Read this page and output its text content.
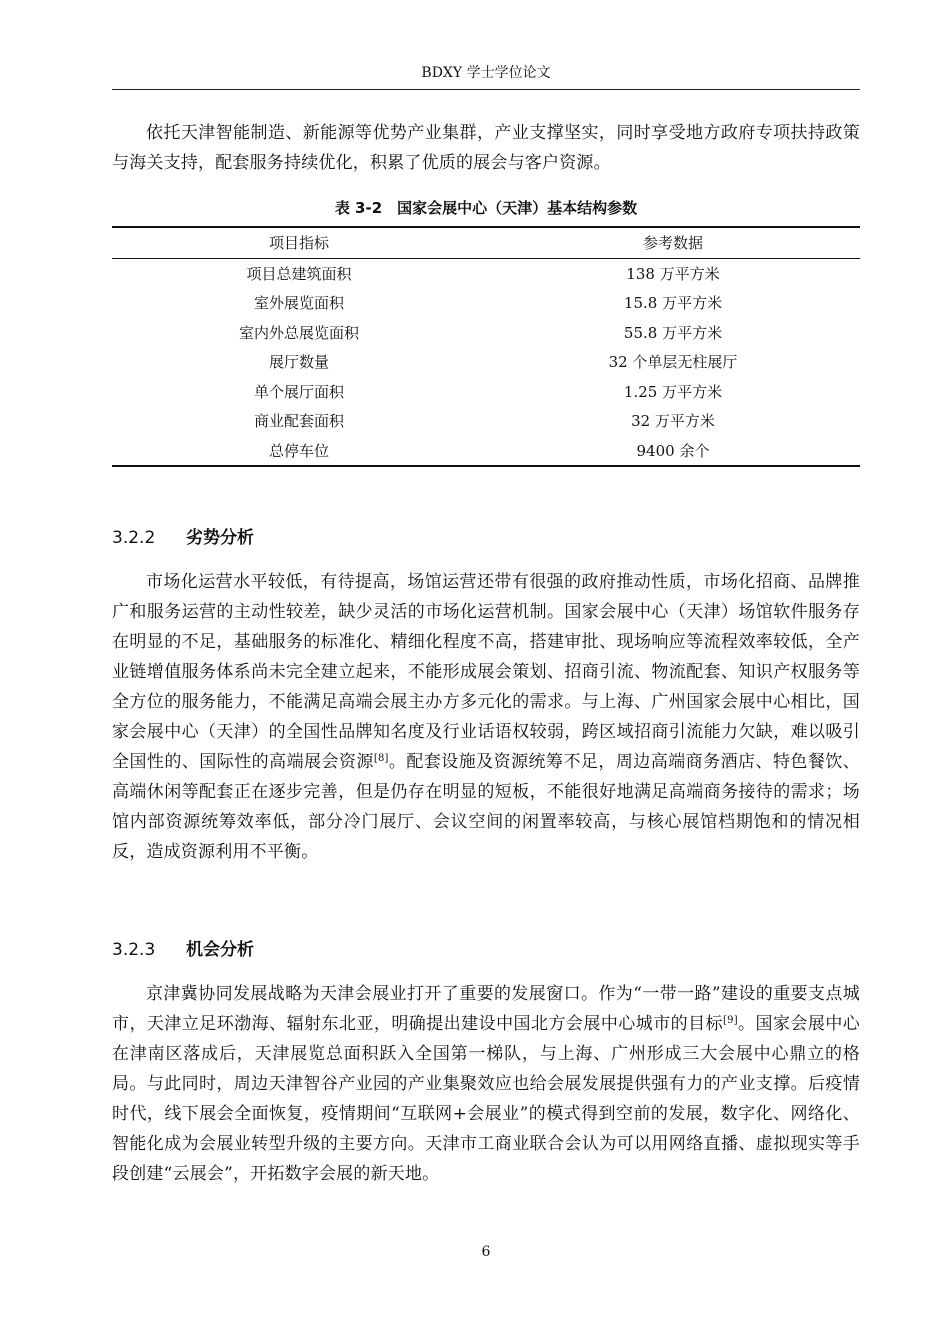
BDXY 学士学位论文

依托天津智能制造、新能源等优势产业集群，产业支撑坚实，同时享受地方政府专项扶持政策与海关支持，配套服务持续优化，积累了优质的展会与客户资源。

表 3-2　国家会展中心（天津）基本结构参数
项目指标	参考数据
项目总建筑面积	138 万平方米
室外展览面积	15.8 万平方米
室内外总展览面积	55.8 万平方米
展厅数量	32 个单层无柱展厅
单个展厅面积	1.25 万平方米
商业配套面积	32 万平方米
总停车位	9400 余个
3.2.2 劣势分析

市场化运营水平较低，有待提高，场馆运营还带有很强的政府推动性质，市场化招商、品牌推广和服务运营的主动性较差，缺少灵活的市场化运营机制。国家会展中心（天津）场馆软件服务存在明显的不足，基础服务的标准化、精细化程度不高，搭建审批、现场响应等流程效率较低，全产业链增值服务体系尚未完全建立起来，不能形成展会策划、招商引流、物流配套、知识产权服务等全方位的服务能力，不能满足高端会展主办方多元化的需求。与上海、广州国家会展中心相比，国家会展中心（天津）的全国性品牌知名度及行业话语权较弱，跨区域招商引流能力欠缺，难以吸引全国性的、国际性的高端展会资源[8]。配套设施及资源统筹不足，周边高端商务酒店、特色餐饮、高端休闲等配套正在逐步完善，但是仍存在明显的短板，不能很好地满足高端商务接待的需求；场馆内部资源统筹效率低，部分冷门展厅、会议空间的闲置率较高，与核心展馆档期饱和的情况相反，造成资源利用不平衡。

3.2.3 机会分析

京津冀协同发展战略为天津会展业打开了重要的发展窗口。作为“一带一路”建设的重要支点城市，天津立足环渤海、辐射东北亚，明确提出建设中国北方会展中心城市的目标[9]。国家会展中心在津南区落成后，天津展览总面积跃入全国第一梯队，与上海、广州形成三大会展中心鼎立的格局。与此同时，周边天津智谷产业园的产业集聚效应也给会展发展提供强有力的产业支撑。后疫情时代，线下展会全面恢复，疫情期间“互联网+会展业”的模式得到空前的发展，数字化、网络化、智能化成为会展业转型升级的主要方向。天津市工商业联合会认为可以用网络直播、虚拟现实等手段创建“云展会”，开拓数字会展的新天地。

6
